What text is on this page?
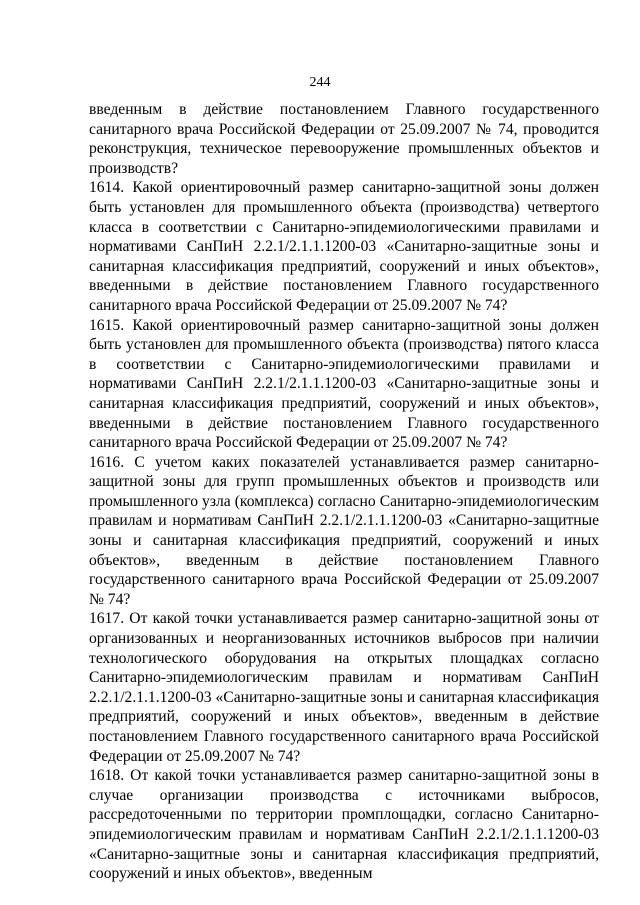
244

введенным в действие постановлением Главного государственного санитарного врача Российской Федерации от 25.09.2007 № 74, проводится реконструкция, техническое перевооружение промышленных объектов и производств?

1614. Какой ориентировочный размер санитарно-защитной зоны должен быть установлен для промышленного объекта (производства) четвертого класса в соответствии с Санитарно-эпидемиологическими правилами и нормативами СанПиН 2.2.1/2.1.1.1200-03 «Санитарно-защитные зоны и санитарная классификация предприятий, сооружений и иных объектов», введенными в действие постановлением Главного государственного санитарного врача Российской Федерации от 25.09.2007 № 74?

1615. Какой ориентировочный размер санитарно-защитной зоны должен быть установлен для промышленного объекта (производства) пятого класса в соответствии с Санитарно-эпидемиологическими правилами и нормативами СанПиН 2.2.1/2.1.1.1200-03 «Санитарно-защитные зоны и санитарная классификация предприятий, сооружений и иных объектов», введенными в действие постановлением Главного государственного санитарного врача Российской Федерации от 25.09.2007 № 74?

1616. С учетом каких показателей устанавливается размер санитарно-защитной зоны для групп промышленных объектов и производств или промышленного узла (комплекса) согласно Санитарно-эпидемиологическим правилам и нормативам СанПиН 2.2.1/2.1.1.1200-03 «Санитарно-защитные зоны и санитарная классификация предприятий, сооружений и иных объектов», введенным в действие постановлением Главного государственного санитарного врача Российской Федерации от 25.09.2007 № 74?

1617. От какой точки устанавливается размер санитарно-защитной зоны от организованных и неорганизованных источников выбросов при наличии технологического оборудования на открытых площадках согласно Санитарно-эпидемиологическим правилам и нормативам СанПиН 2.2.1/2.1.1.1200-03 «Санитарно-защитные зоны и санитарная классификация предприятий, сооружений и иных объектов», введенным в действие постановлением Главного государственного санитарного врача Российской Федерации от 25.09.2007 № 74?

1618. От какой точки устанавливается размер санитарно-защитной зоны в случае организации производства с источниками выбросов, рассредоточенными по территории промплощадки, согласно Санитарно-эпидемиологическим правилам и нормативам СанПиН 2.2.1/2.1.1.1200-03 «Санитарно-защитные зоны и санитарная классификация предприятий, сооружений и иных объектов», введенным
